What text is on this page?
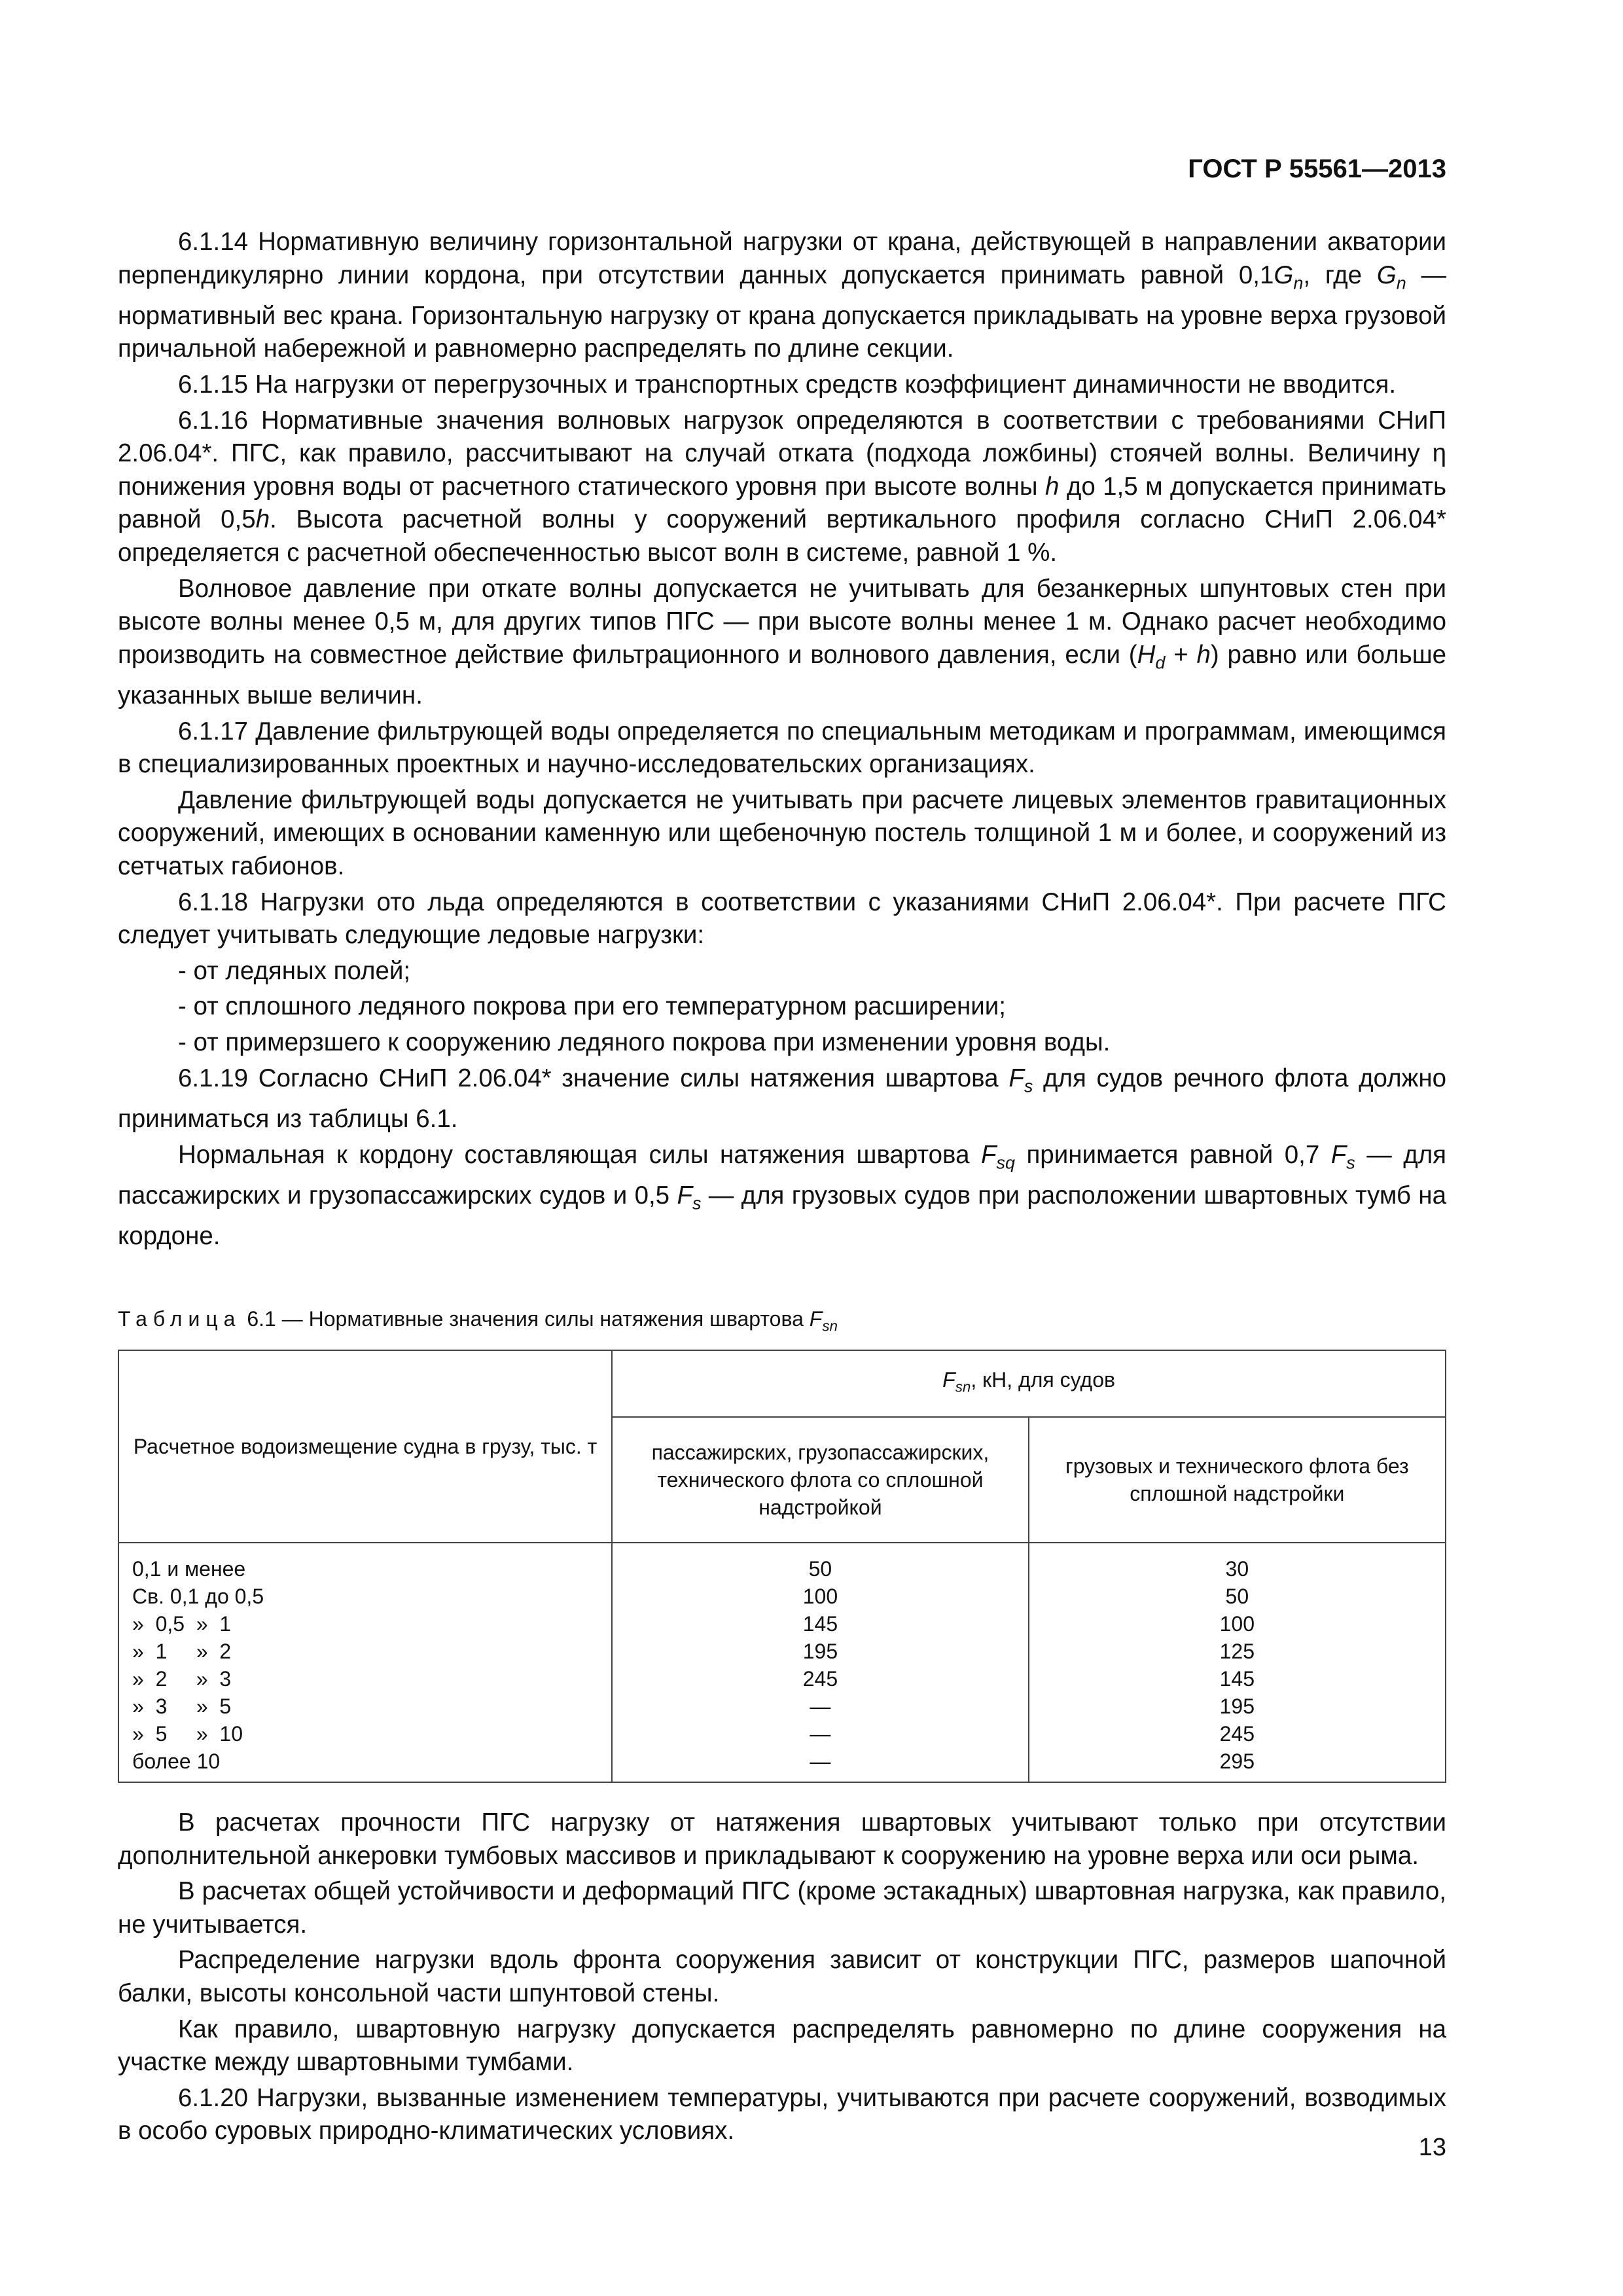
ГОСТ Р 55561—2013

6.1.14 Нормативную величину горизонтальной нагрузки от крана, действующей в направлении акватории перпендикулярно линии кордона, при отсутствии данных допускается принимать равной $0,1G_n$, где $G_n$ — нормативный вес крана. Горизонтальную нагрузку от крана допускается прикладывать на уровне верха грузовой причальной набережной и равномерно распределять по длине секции.

6.1.15 На нагрузки от перегрузочных и транспортных средств коэффициент динамичности не вводится.

6.1.16 Нормативные значения волновых нагрузок определяются в соответствии с требованиями СНиП 2.06.04*. ПГС, как правило, рассчитывают на случай отката (подхода ложбины) стоячей волны. Величину η понижения уровня воды от расчетного статического уровня при высоте волны h до 1,5 м допускается принимать равной 0,5h. Высота расчетной волны у сооружений вертикального профиля согласно СНиП 2.06.04* определяется с расчетной обеспеченностью высот волн в системе, равной 1 %.

Волновое давление при откате волны допускается не учитывать для безанкерных шпунтовых стен при высоте волны менее 0,5 м, для других типов ПГС — при высоте волны менее 1 м. Однако расчет необходимо производить на совместное действие фильтрационного и волнового давления, если $(H_d + h)$ равно или больше указанных выше величин.

6.1.17 Давление фильтрующей воды определяется по специальным методикам и программам, имеющимся в специализированных проектных и научно-исследовательских организациях.

Давление фильтрующей воды допускается не учитывать при расчете лицевых элементов гравитационных сооружений, имеющих в основании каменную или щебеночную постель толщиной 1 м и более, и сооружений из сетчатых габионов.

6.1.18 Нагрузки ото льда определяются в соответствии с указаниями СНиП 2.06.04*. При расчете ПГС следует учитывать следующие ледовые нагрузки:

- от ледяных полей;

- от сплошного ледяного покрова при его температурном расширении;

- от примерзшего к сооружению ледяного покрова при изменении уровня воды.

6.1.19 Согласно СНиП 2.06.04* значение силы натяжения швартова $F_s$ для судов речного флота должно приниматься из таблицы 6.1.

Нормальная к кордону составляющая силы натяжения швартова $F_{sq}$ принимается равной 0,7 $F_s$ — для пассажирских и грузопассажирских судов и 0,5 $F_s$ — для грузовых судов при расположении швартовных тумб на кордоне.

Таблица 6.1 — Нормативные значения силы натяжения швартова $F_{sn}$
Расчетное водоизмещение судна в грузу, тыс. т	$F_{sn}$, кН, для судов	
	пассажирских, грузопассажирских, технического флота со сплошной надстройкой	грузовых и технического флота без сплошной надстройки
0,1 и менее	50	30
Св. 0,1 до 0,5	100	50
»  0,5  »  1	145	100
»  1     »  2	195	125
»  2     »  3	245	145
»  3     »  5	—	195
»  5     »  10	—	245
более 10	—	295

В расчетах прочности ПГС нагрузку от натяжения швартовых учитывают только при отсутствии дополнительной анкеровки тумбовых массивов и прикладывают к сооружению на уровне верха или оси рыма.

В расчетах общей устойчивости и деформаций ПГС (кроме эстакадных) швартовная нагрузка, как правило, не учитывается.

Распределение нагрузки вдоль фронта сооружения зависит от конструкции ПГС, размеров шапочной балки, высоты консольной части шпунтовой стены.

Как правило, швартовную нагрузку допускается распределять равномерно по длине сооружения на участке между швартовными тумбами.

6.1.20 Нагрузки, вызванные изменением температуры, учитываются при расчете сооружений, возводимых в особо суровых природно-климатических условиях.

13
